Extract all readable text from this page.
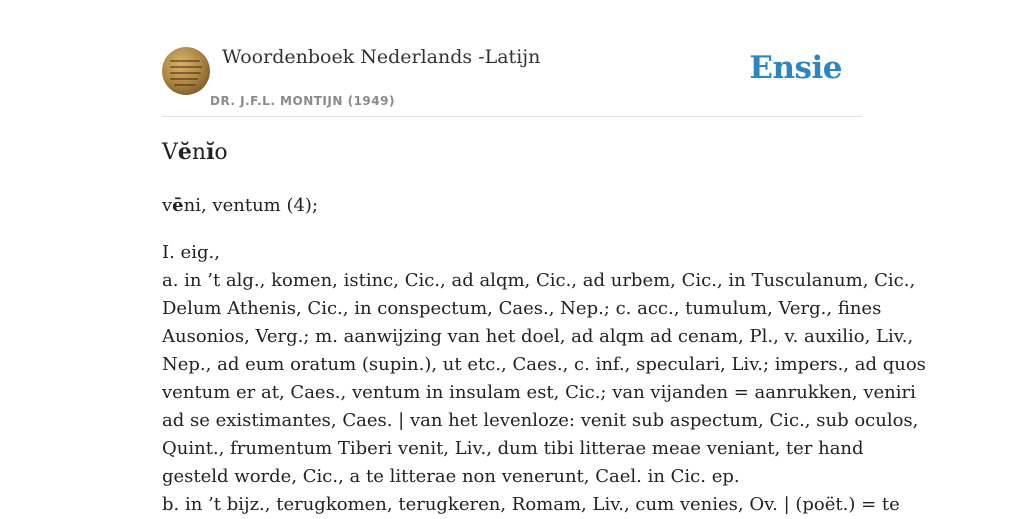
Woordenboek Nederlands -Latijn
DR. J.F.L. MONTIJN (1949)
Ensie
Vĕnĭo

vēni, ventum (4);

I. eig.,
a. in ’t alg., komen, istinc, Cic., ad alqm, Cic., ad urbem, Cic., in Tusculanum, Cic.,
Delum Athenis, Cic., in conspectum, Caes., Nep.; c. acc., tumulum, Verg., fines
Ausonios, Verg.; m. aanwijzing van het doel, ad alqm ad cenam, Pl., v. auxilio, Liv.,
Nep., ad eum oratum (supin.), ut etc., Caes., c. inf., speculari, Liv.; impers., ad quos
ventum er at, Caes., ventum in insulam est, Cic.; van vijanden = aanrukken, veniri
ad se existimantes, Caes. | van het levenloze: venit sub aspectum, Cic., sub oculos,
Quint., frumentum Tiberi venit, Liv., dum tibi litterae meae veniant, ter hand
gesteld worde, Cic., a te litterae non venerunt, Cael. in Cic. ep.
b. in ’t bijz., terugkomen, terugkeren, Romam, Liv., cum venies, Ov. | (poët.) = te
